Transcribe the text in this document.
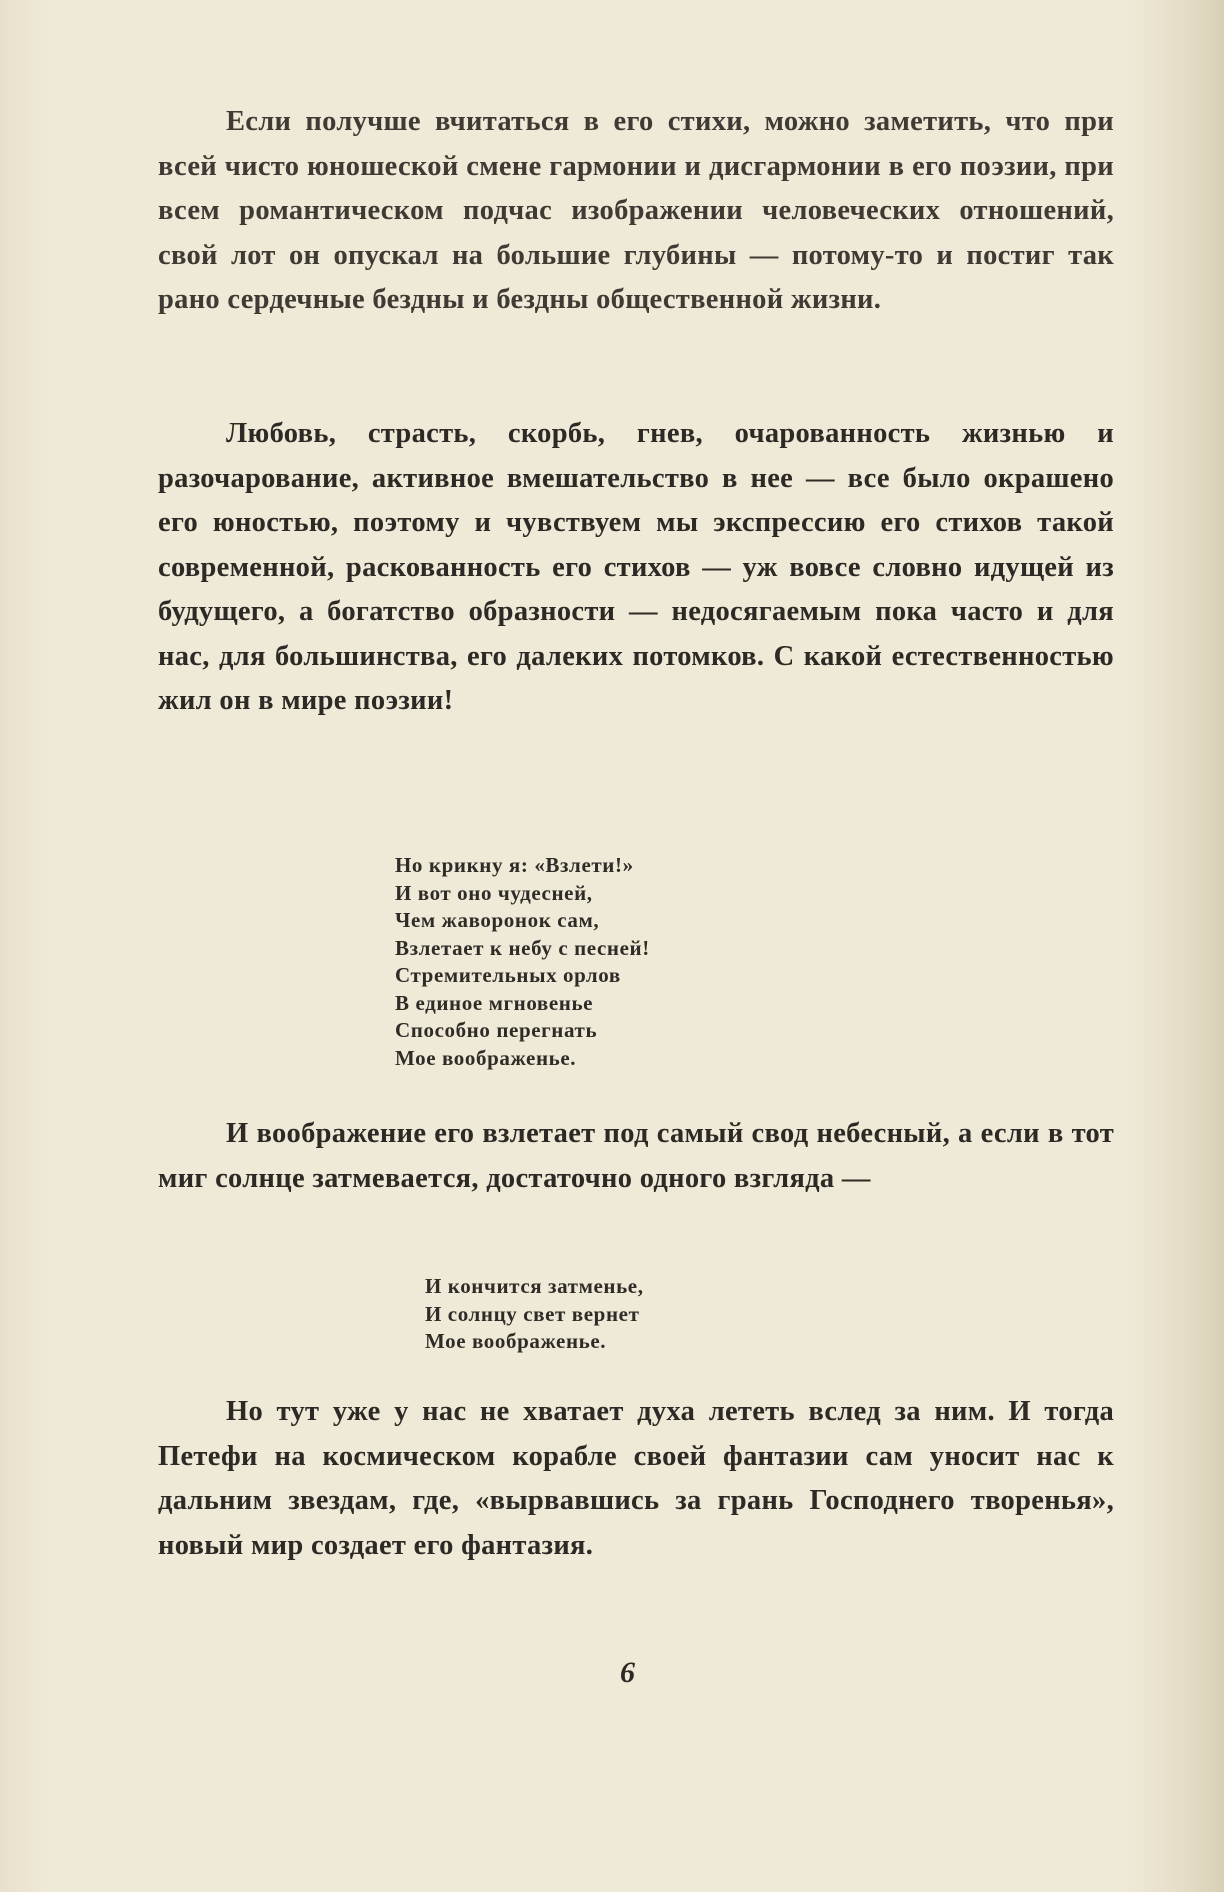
Если получше вчитаться в его стихи, можно заметить, что при всей чисто юношеской смене гармонии и дисгармонии в его поэзии, при всем романтическом подчас изображении человеческих отношений, свой лот он опускал на большие глубины — потому-то и постиг так рано сердечные бездны и бездны общественной жизни.

Любовь, страсть, скорбь, гнев, очарованность жизнью и разочарование, активное вмешательство в нее — все было окрашено его юностью, поэтому и чувствуем мы экспрессию его стихов такой современной, раскованность его стихов — уж вовсе словно идущей из будущего, а богатство образности — недосягаемым пока часто и для нас, для большинства, его далеких потомков. С какой естественностью жил он в мире поэзии!

Но крикну я: «Взлети!»
И вот оно чудесней,
Чем жаворонок сам,
Взлетает к небу с песней!
Стремительных орлов
В единое мгновенье
Способно перегнать
Мое воображенье.

И воображение его взлетает под самый свод небесный, а если в тот миг солнце затмевается, достаточно одного взгляда —

И кончится затменье,
И солнцу свет вернет
Мое воображенье.

Но тут уже у нас не хватает духа лететь вслед за ним. И тогда Петефи на космическом корабле своей фантазии сам уносит нас к дальним звездам, где, «вырвавшись за грань Господнего творенья», новый мир создает его фантазия.

6
